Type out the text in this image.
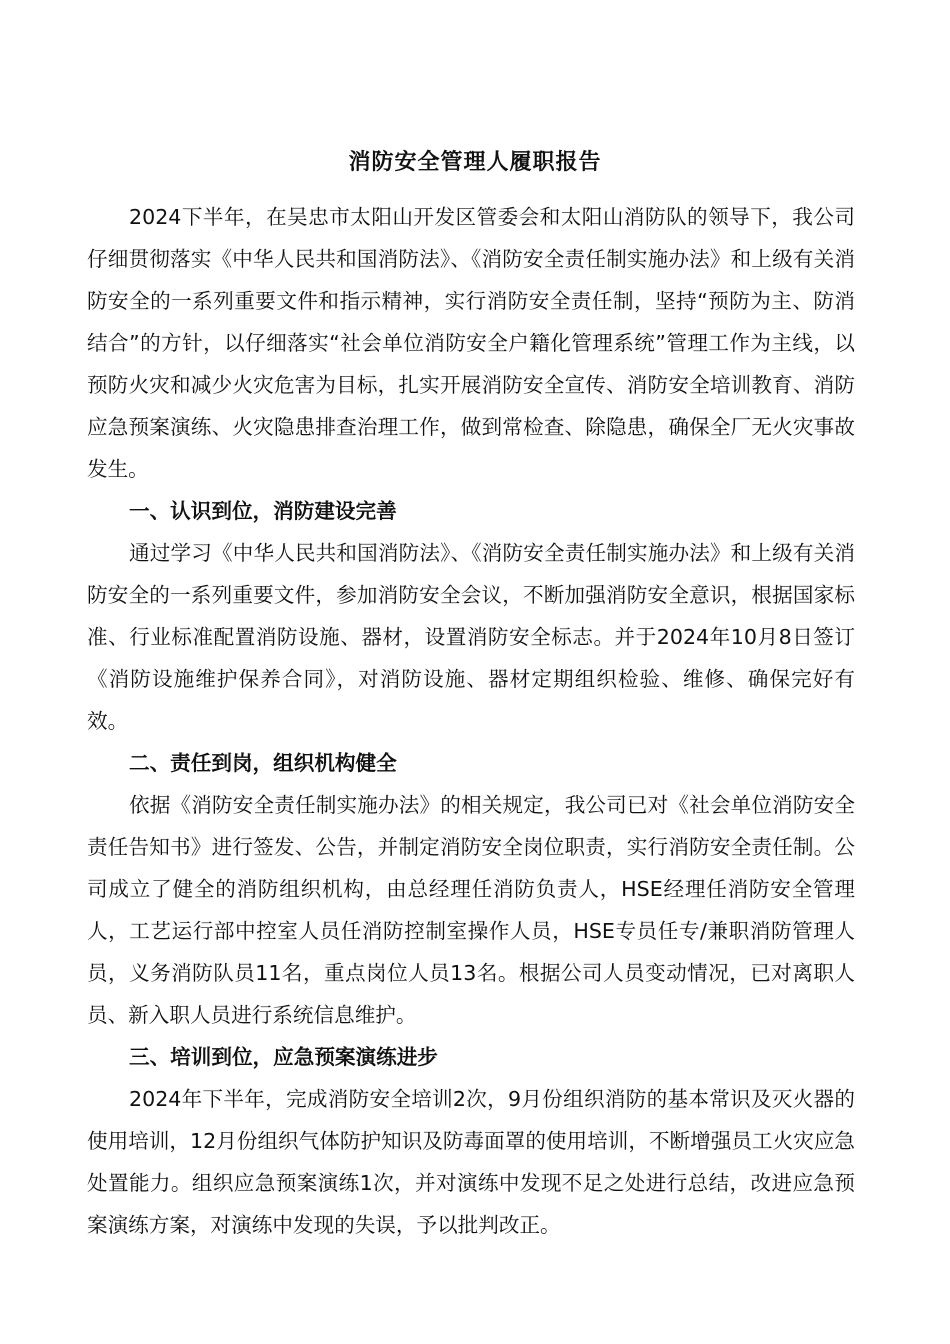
消防安全管理人履职报告

2024下半年，在吴忠市太阳山开发区管委会和太阳山消防队的领导下，我公司仔细贯彻落实《中华人民共和国消防法》、《消防安全责任制实施办法》和上级有关消防安全的一系列重要文件和指示精神，实行消防安全责任制，坚持“预防为主、防消结合”的方针，以仔细落实“社会单位消防安全户籍化管理系统”管理工作为主线，以预防火灾和减少火灾危害为目标，扎实开展消防安全宣传、消防安全培训教育、消防应急预案演练、火灾隐患排查治理工作，做到常检查、除隐患，确保全厂无火灾事故发生。

一、认识到位，消防建设完善

通过学习《中华人民共和国消防法》、《消防安全责任制实施办法》和上级有关消防安全的一系列重要文件，参加消防安全会议，不断加强消防安全意识，根据国家标准、行业标准配置消防设施、器材，设置消防安全标志。并于2024年10月8日签订《消防设施维护保养合同》，对消防设施、器材定期组织检验、维修、确保完好有效。

二、责任到岗，组织机构健全

依据《消防安全责任制实施办法》的相关规定，我公司已对《社会单位消防安全责任告知书》进行签发、公告，并制定消防安全岗位职责，实行消防安全责任制。公司成立了健全的消防组织机构，由总经理任消防负责人，HSE经理任消防安全管理人，工艺运行部中控室人员任消防控制室操作人员，HSE专员任专/兼职消防管理人员，义务消防队员11名，重点岗位人员13名。根据公司人员变动情况，已对离职人员、新入职人员进行系统信息维护。

三、培训到位，应急预案演练进步

2024年下半年，完成消防安全培训2次，9月份组织消防的基本常识及灭火器的使用培训，12月份组织气体防护知识及防毒面罩的使用培训，不断增强员工火灾应急处置能力。组织应急预案演练1次，并对演练中发现不足之处进行总结，改进应急预案演练方案，对演练中发现的失误，予以批判改正。
